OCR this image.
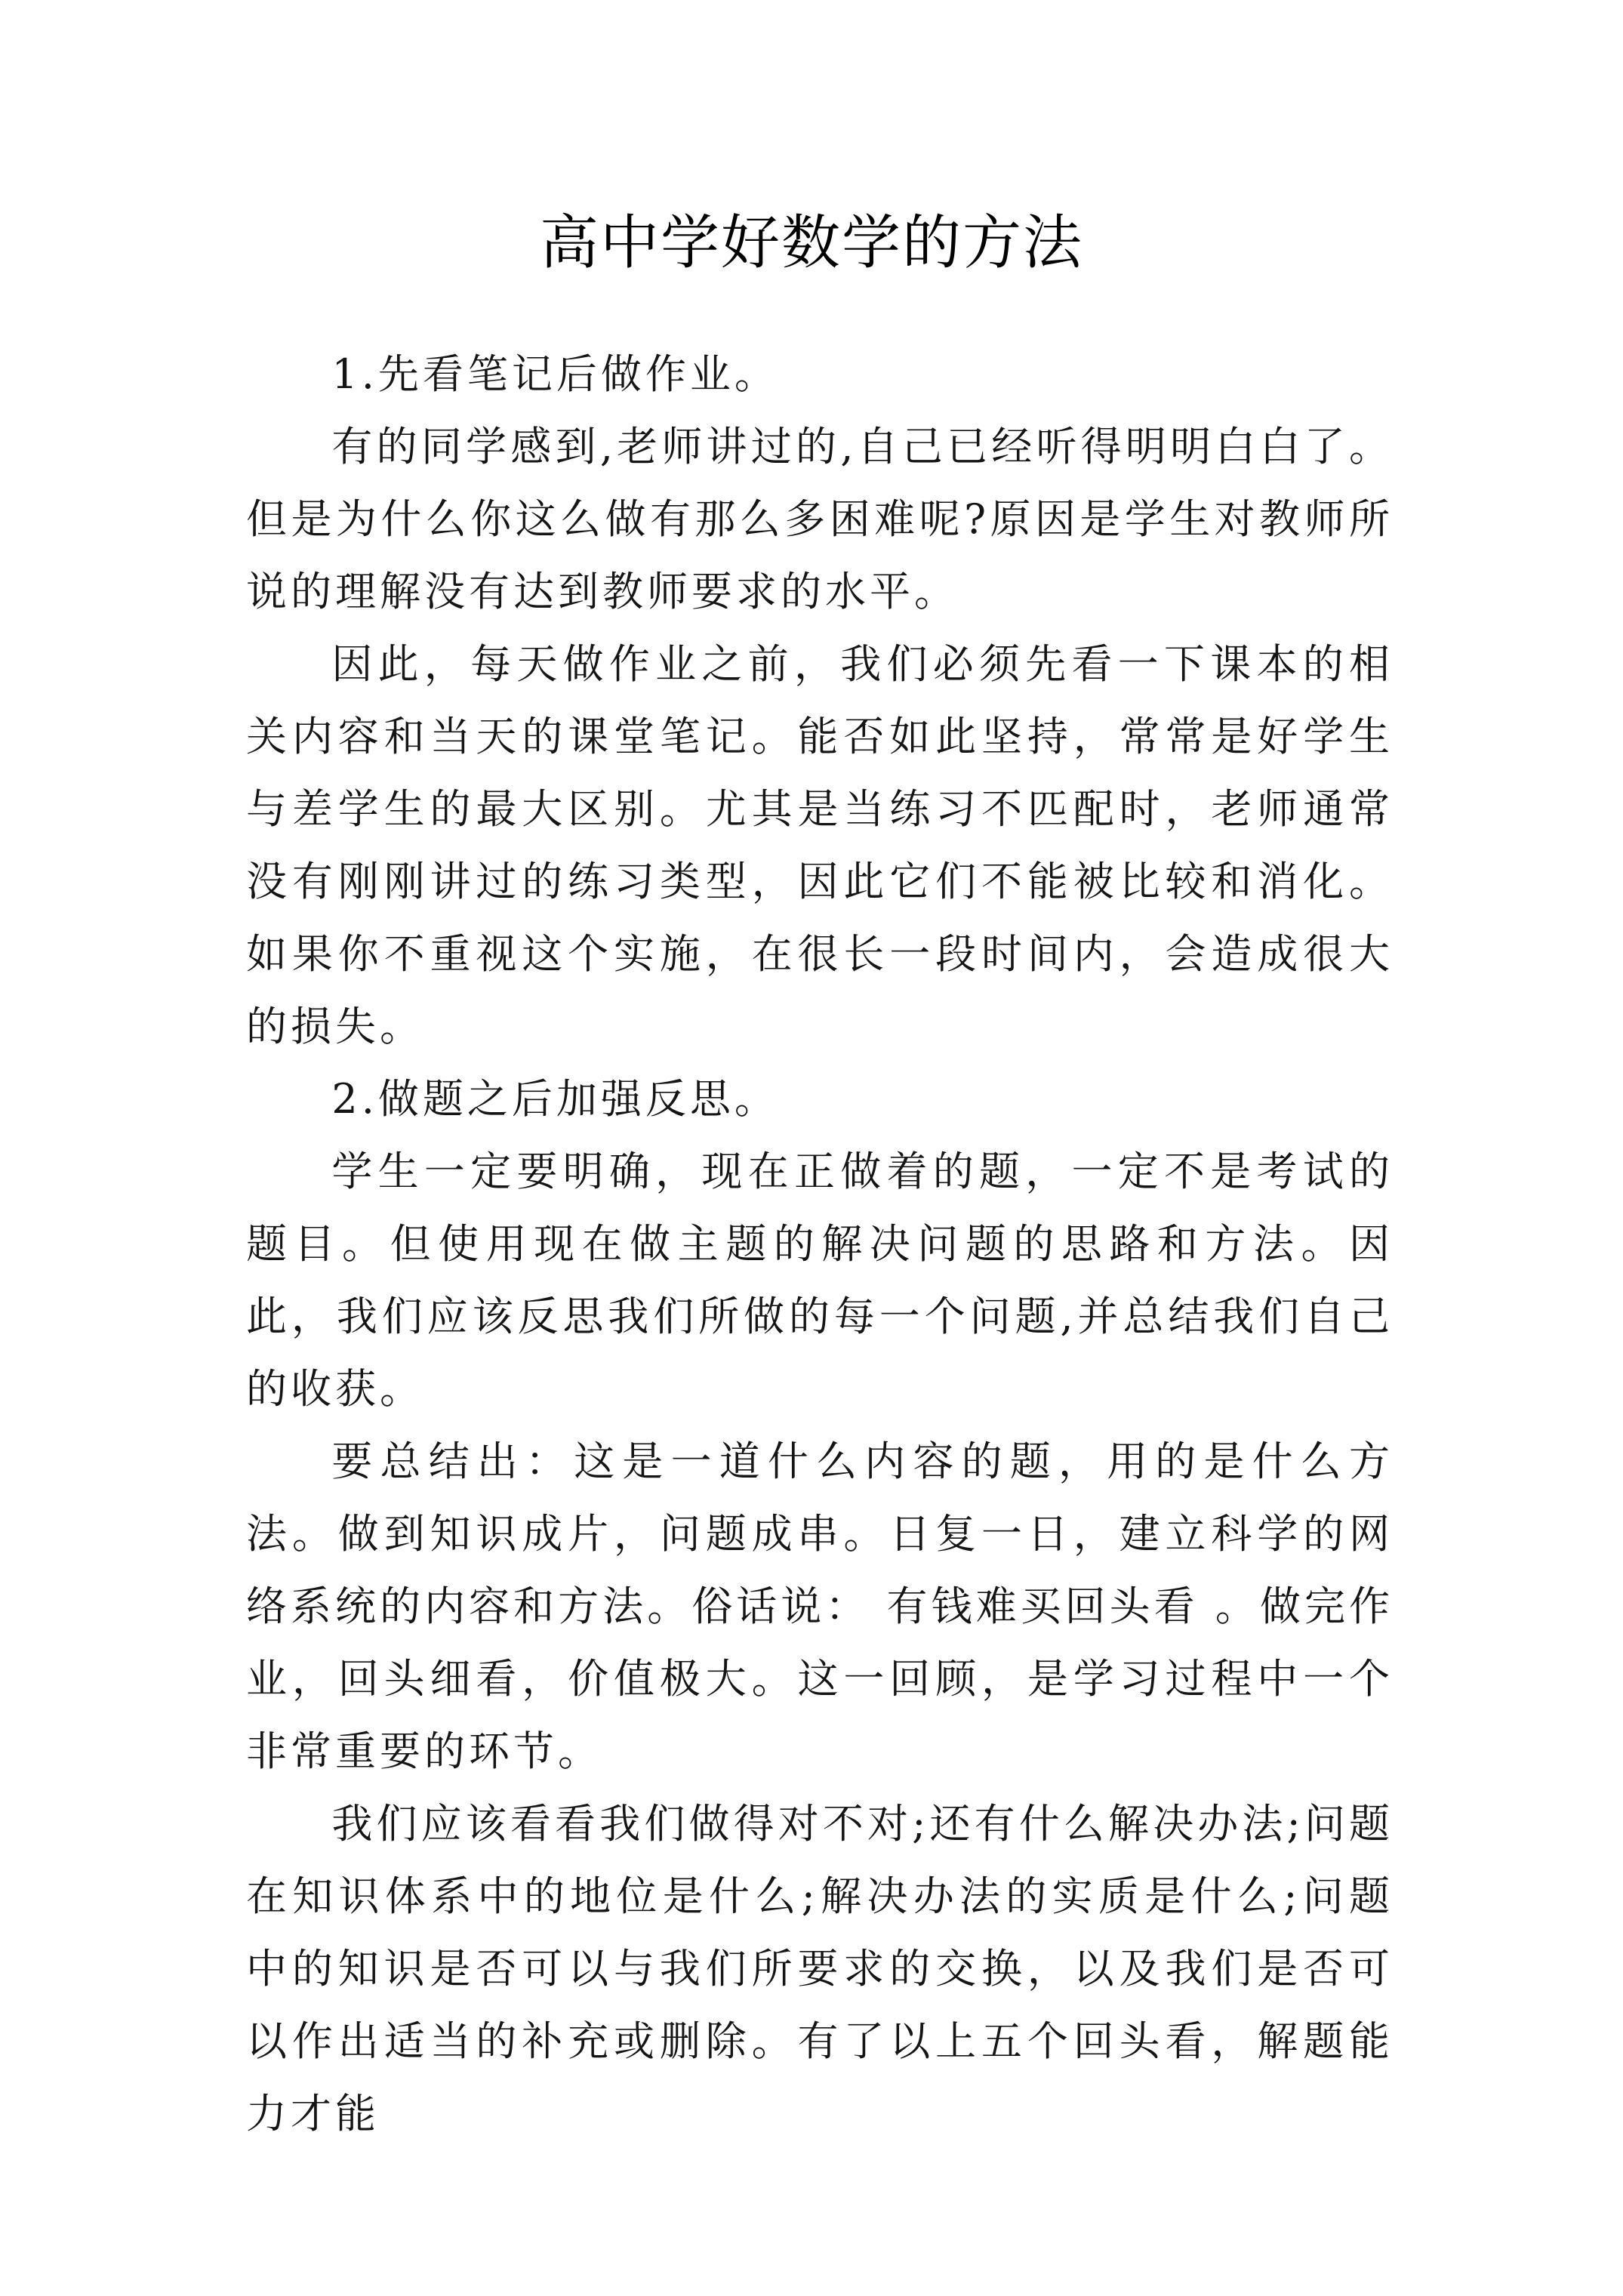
高中学好数学的方法

1.先看笔记后做作业。

有的同学感到,老师讲过的,自己已经听得明明白白了。但是为什么你这么做有那么多困难呢?原因是学生对教师所说的理解没有达到教师要求的水平。

因此，每天做作业之前，我们必须先看一下课本的相关内容和当天的课堂笔记。能否如此坚持，常常是好学生与差学生的最大区别。尤其是当练习不匹配时，老师通常没有刚刚讲过的练习类型，因此它们不能被比较和消化。如果你不重视这个实施，在很长一段时间内，会造成很大的损失。

2.做题之后加强反思。

学生一定要明确，现在正做着的题，一定不是考试的题目。但使用现在做主题的解决问题的思路和方法。因此，我们应该反思我们所做的每一个问题,并总结我们自己的收获。

要总结出：这是一道什么内容的题，用的是什么方法。做到知识成片，问题成串。日复一日，建立科学的网络系统的内容和方法。俗话说： 有钱难买回头看 。做完作业，回头细看，价值极大。这一回顾，是学习过程中一个非常重要的环节。

我们应该看看我们做得对不对;还有什么解决办法;问题在知识体系中的地位是什么;解决办法的实质是什么;问题中的知识是否可以与我们所要求的交换，以及我们是否可以作出适当的补充或删除。有了以上五个回头看，解题能力才能
